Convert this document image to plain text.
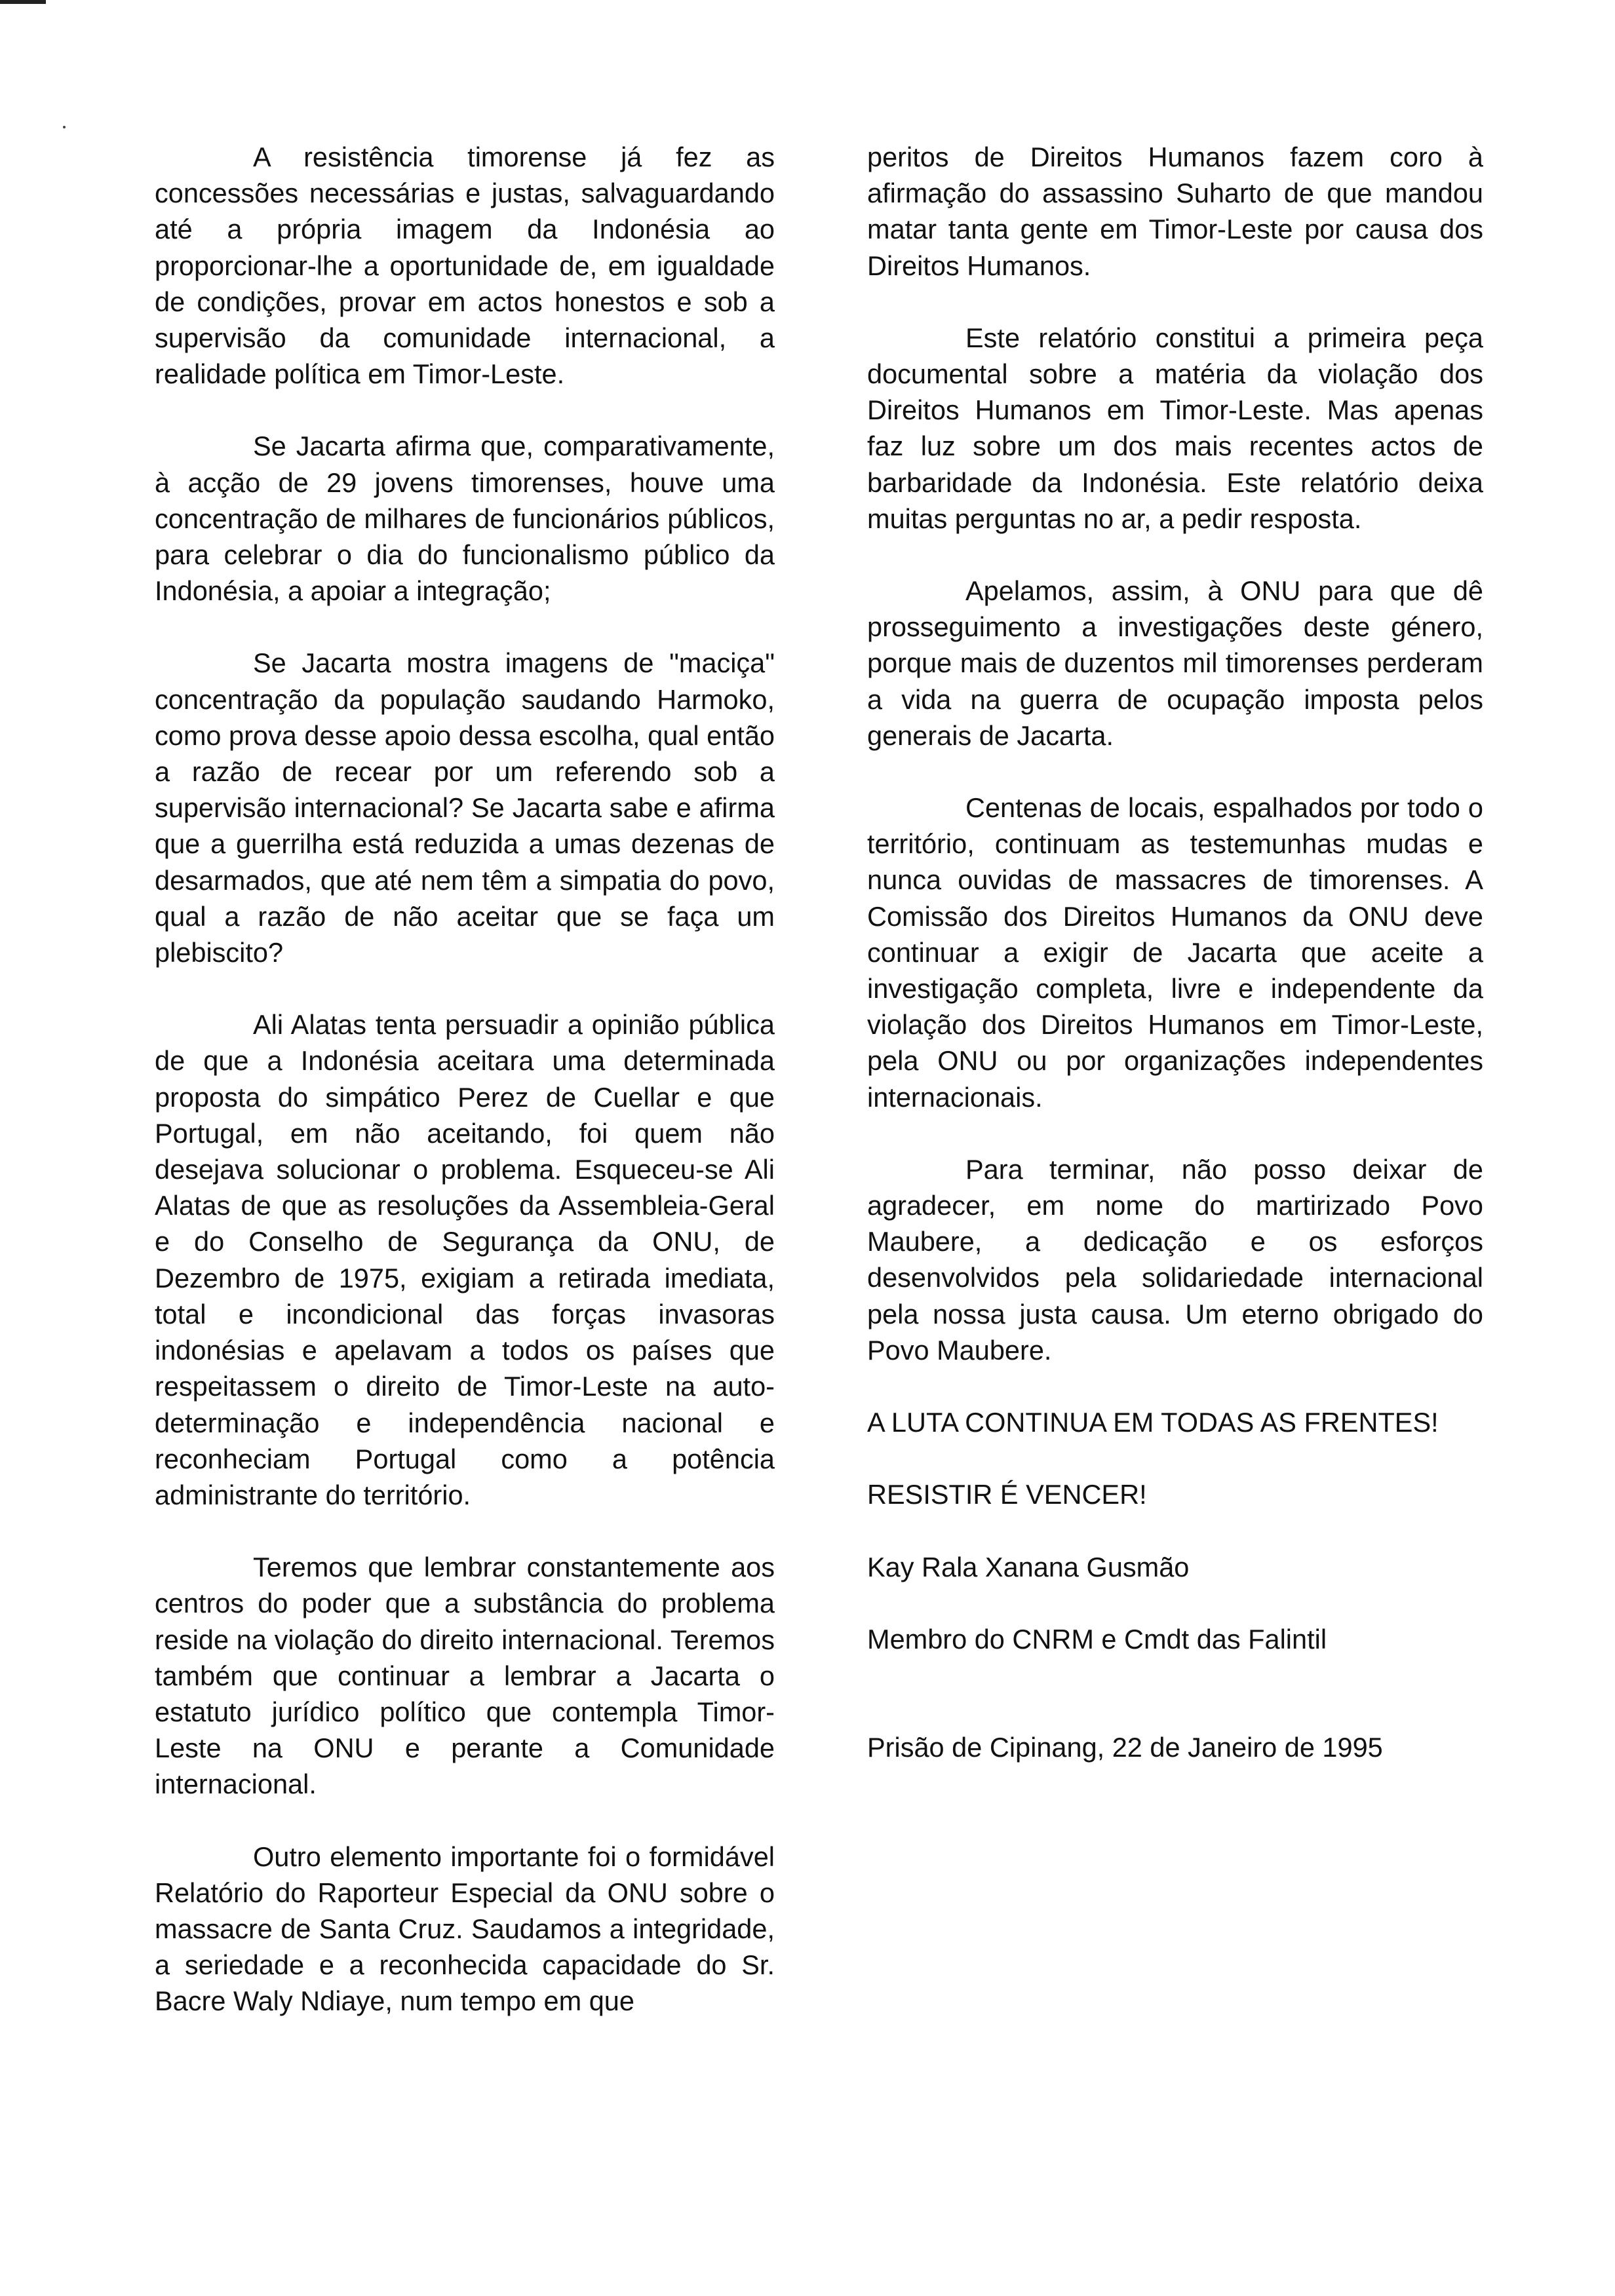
A resistência timorense já fez as concessões necessárias e justas, salvaguardando até a própria imagem da Indonésia ao proporcionar-lhe a oportunidade de, em igualdade de condições, provar em actos honestos e sob a supervisão da comunidade internacional, a realidade política em Timor-Leste.

Se Jacarta afirma que, comparativamente, à acção de 29 jovens timorenses, houve uma concentração de milhares de funcionários públicos, para celebrar o dia do funcionalismo público da Indonésia, a apoiar a integração;

Se Jacarta mostra imagens de "maciça" concentração da população saudando Harmoko, como prova desse apoio dessa escolha, qual então a razão de recear por um referendo sob a supervisão internacional? Se Jacarta sabe e afirma que a guerrilha está reduzida a umas dezenas de desarmados, que até nem têm a simpatia do povo, qual a razão de não aceitar que se faça um plebiscito?

Ali Alatas tenta persuadir a opinião pública de que a Indonésia aceitara uma determinada proposta do simpático Perez de Cuellar e que Portugal, em não aceitando, foi quem não desejava solucionar o problema. Esqueceu-se Ali Alatas de que as resoluções da Assembleia-Geral e do Conselho de Segurança da ONU, de Dezembro de 1975, exigiam a retirada imediata, total e incondicional das forças invasoras indonésias e apelavam a todos os países que respeitassem o direito de Timor-Leste na auto-determinação e independência nacional e reconheciam Portugal como a potência administrante do território.

Teremos que lembrar constantemente aos centros do poder que a substância do problema reside na violação do direito internacional. Teremos também que continuar a lembrar a Jacarta o estatuto jurídico político que contempla Timor-Leste na ONU e perante a Comunidade internacional.

Outro elemento importante foi o formidável Relatório do Raporteur Especial da ONU sobre o massacre de Santa Cruz. Saudamos a integridade, a seriedade e a reconhecida capacidade do Sr. Bacre Waly Ndiaye, num tempo em que

peritos de Direitos Humanos fazem coro à afirmação do assassino Suharto de que mandou matar tanta gente em Timor-Leste por causa dos Direitos Humanos.

Este relatório constitui a primeira peça documental sobre a matéria da violação dos Direitos Humanos em Timor-Leste. Mas apenas faz luz sobre um dos mais recentes actos de barbaridade da Indonésia. Este relatório deixa muitas perguntas no ar, a pedir resposta.

Apelamos, assim, à ONU para que dê prosseguimento a investigações deste género, porque mais de duzentos mil timorenses perderam a vida na guerra de ocupação imposta pelos generais de Jacarta.

Centenas de locais, espalhados por todo o território, continuam as testemunhas mudas e nunca ouvidas de massacres de timorenses. A Comissão dos Direitos Humanos da ONU deve continuar a exigir de Jacarta que aceite a investigação completa, livre e independente da violação dos Direitos Humanos em Timor-Leste, pela ONU ou por organizações independentes internacionais.

Para terminar, não posso deixar de agradecer, em nome do martirizado Povo Maubere, a dedicação e os esforços desenvolvidos pela solidariedade internacional pela nossa justa causa. Um eterno obrigado do Povo Maubere.

A LUTA CONTINUA EM TODAS AS FRENTES!

RESISTIR É VENCER!

Kay Rala Xanana Gusmão

Membro do CNRM e Cmdt das Falintil

Prisão de Cipinang, 22 de Janeiro de 1995
